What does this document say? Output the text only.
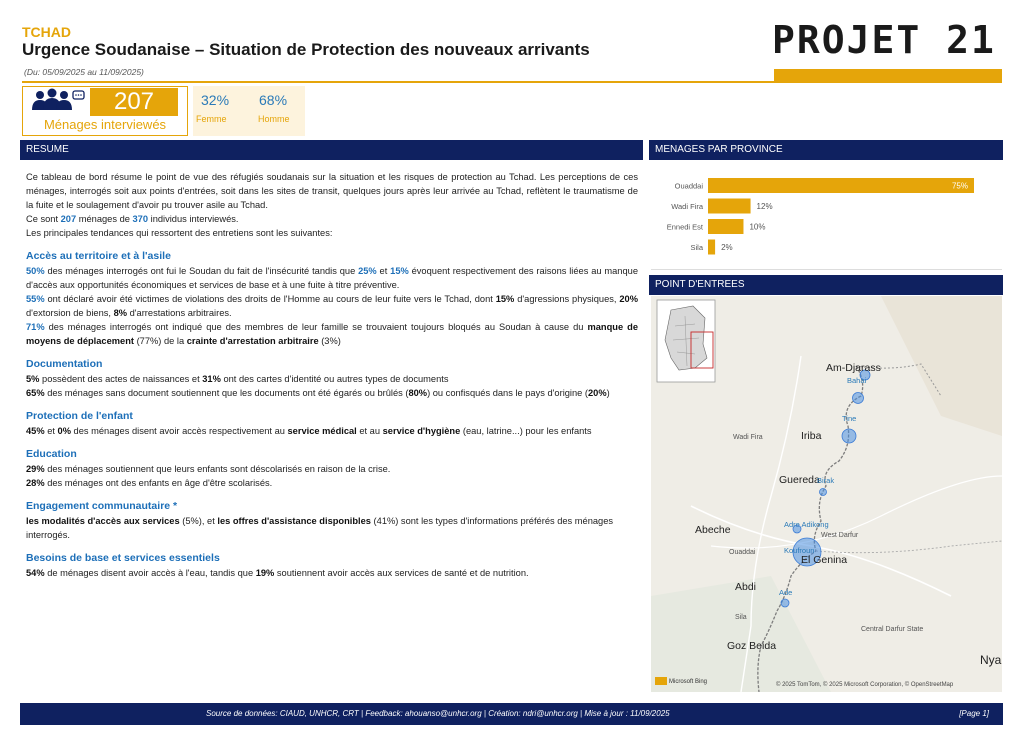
TCHAD
Urgence Soudanaise – Situation de Protection des nouveaux arrivants
(Du: 05/09/2025 au 11/09/2025)
PROJET 21
207
Ménages interviewés
32%
Femme
68%
Homme
RESUME	MENAGES PAR PROVINCE
POINT D'ENTREES

Ce tableau de bord résume le point de vue des réfugiés soudanais sur la situation et les risques de protection au Tchad. Les perceptions de ces ménages, interrogés soit aux points d'entrées, soit dans les sites de transit, quelques jours après leur arrivée au Tchad, reflètent le traumatisme de la fuite et le soulagement d'avoir pu trouver asile au Tchad.

Ce sont 207 ménages de 370 individus interviewés.

Les principales tendances qui ressortent des entretiens sont les suivantes:

Accès au territoire et à l'asile

50% des ménages interrogés ont fui le Soudan du fait de l'insécurité tandis que 25% et 15% évoquent respectivement des raisons liées au manque d'accès aux opportunités économiques et services de base et à une fuite à titre préventive.

55% ont déclaré avoir été victimes de violations des droits de l'Homme au cours de leur fuite vers le Tchad, dont 15% d'agressions physiques, 20% d'extorsion de biens, 8% d'arrestations arbitraires.

71% des ménages interrogés ont indiqué que des membres de leur famille se trouvaient toujours bloqués au Soudan à cause du manque de moyens de déplacement (77%) de la crainte d'arrestation arbitraire (3%)

Documentation

5% possèdent des actes de naissances et 31% ont des cartes d'identité ou autres types de documents

65% des ménages sans document soutiennent que les documents ont été égarés ou brûlés (80%) ou confisqués dans le pays d'origine (20%)

Protection de l'enfant

45% et 0% des ménages disent avoir accès respectivement au service médical et au service d'hygiène (eau, latrine...) pour les enfants

Education

29% des ménages soutiennent que leurs enfants sont déscolarisés en raison de la crise.

28% des ménages ont des enfants en âge d'être scolarisés.

Engagement communautaire *

les modalités d'accès aux services (5%), et les offres d'assistance disponibles (41%) sont les types d'informations préférés des ménages interrogés.

Besoins de base et services essentiels

54% de ménages disent avoir accès à l'eau, tandis que 19% soutiennent avoir accès aux services de santé et de nutrition.

Ouaddai	75%
Wadi Fira	12%
Ennedi Est	10%
Sila 2%
Am-Djarass
Bahai
Tine
Wadi Fira	Iriba
Guereda
Birak
Adre Adikong
Abeche	West Darfur
Ouaddai	Koufroun
El Genina
Abdi	Ade
Sila
Central Darfur State
Goz Beida
Nya
Microsoft Bing	© 2025 TomTom, © 2025 Microsoft Corporation, © OpenStreetMap
Source de données: CIAUD, UNHCR, CRT | Feedback: ahouanso@unhcr.org | Création: ndri@unhcr.org | Mise à jour : 11/09/2025	[Page 1]
